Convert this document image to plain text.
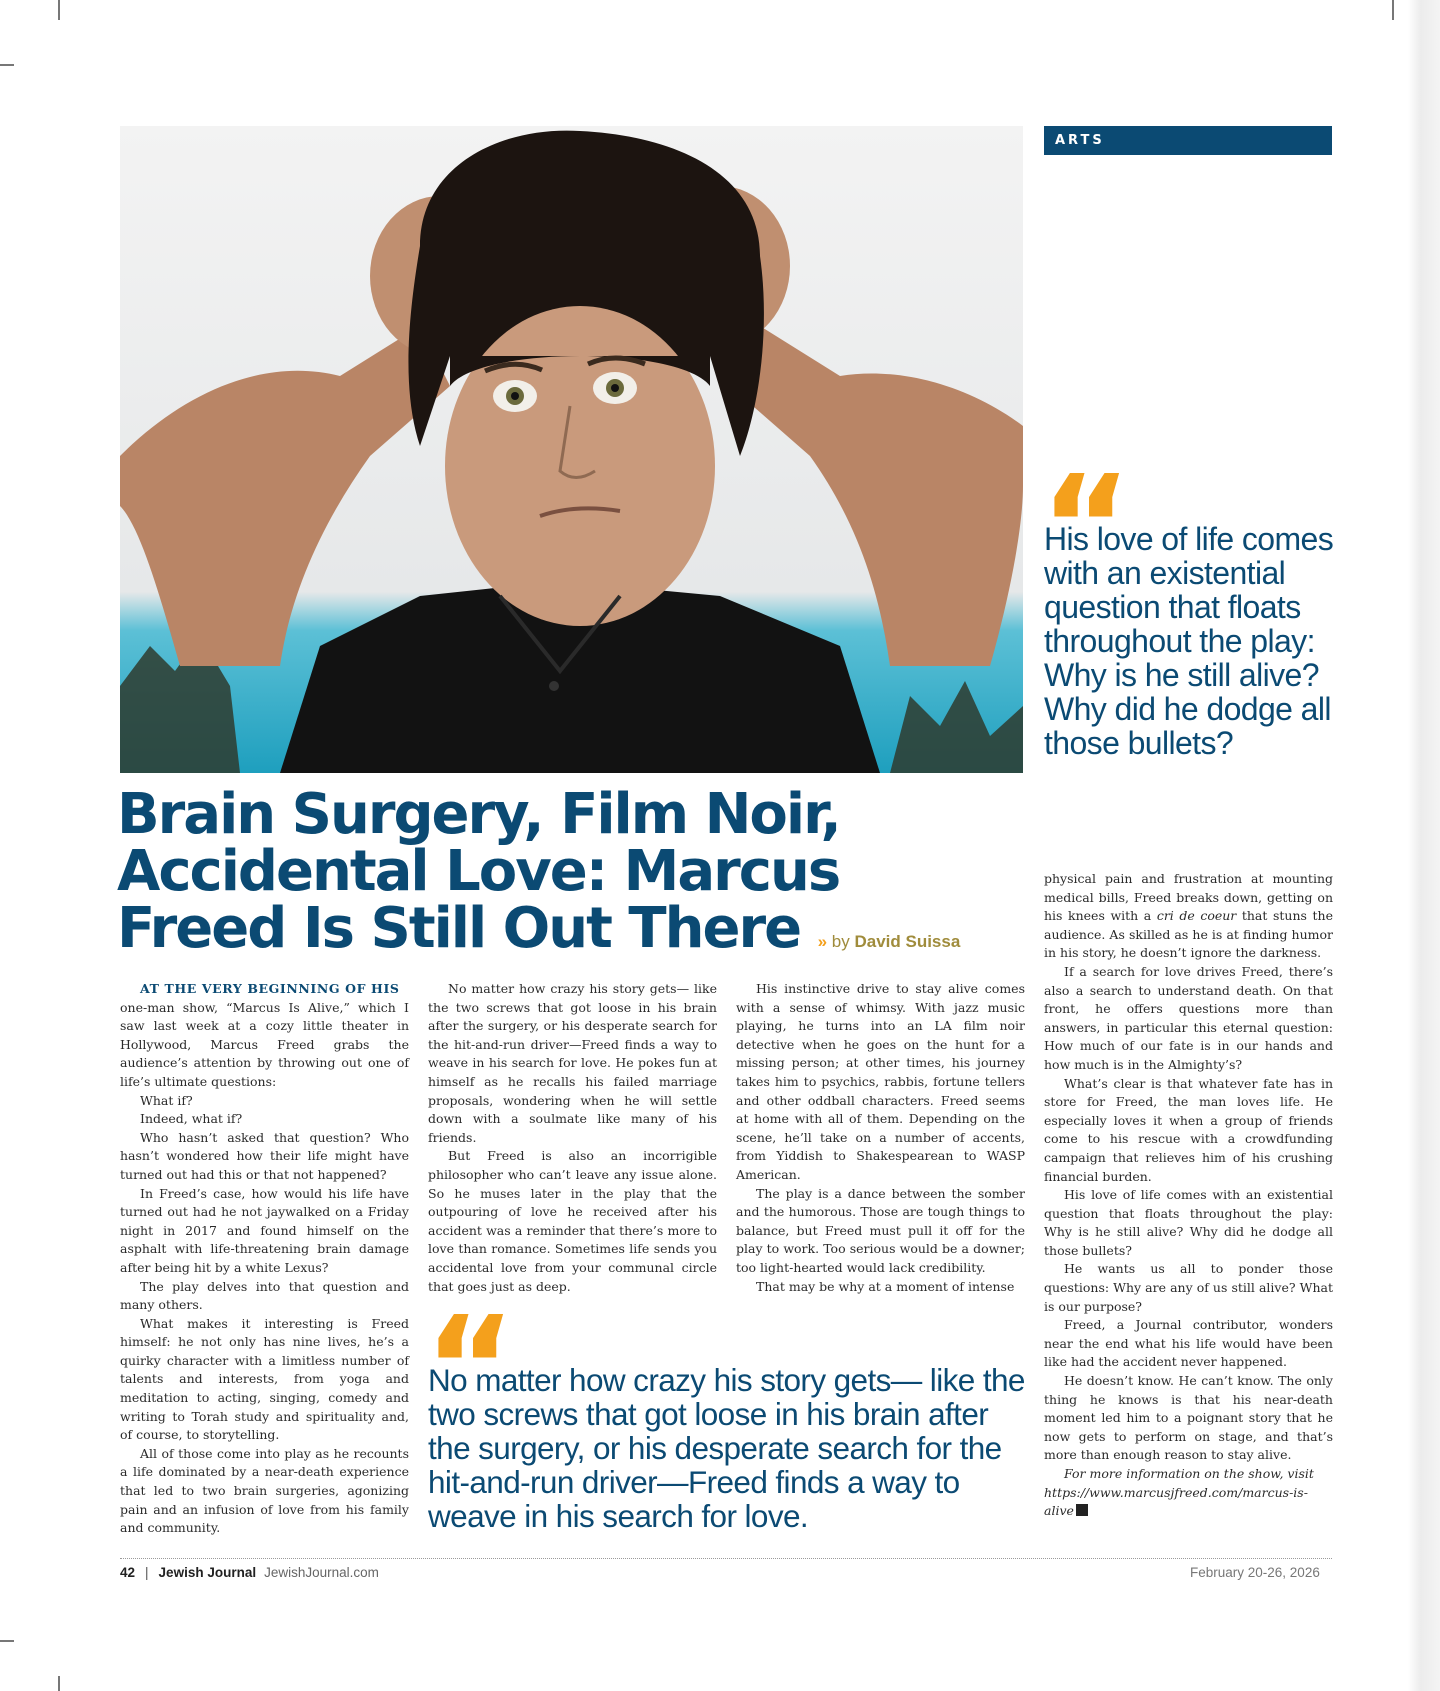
ARTS
His love of life comes with an existential question that floats throughout the play: Why is he still alive? Why did he dodge all those bullets?
Brain Surgery, Film Noir, Accidental Love: Marcus Freed Is Still Out There » by David Suissa

AT THE VERY BEGINNING OF HIS

one-man show, “Marcus Is Alive,” which I saw last week at a cozy little theater in Hollywood, Marcus Freed grabs the audience’s attention by throwing out one of life’s ultimate questions:

What if?

Indeed, what if?

Who hasn’t asked that question? Who hasn’t wondered how their life might have turned out had this or that not happened?

In Freed’s case, how would his life have turned out had he not jaywalked on a Friday night in 2017 and found himself on the asphalt with life-threatening brain damage after being hit by a white Lexus?

The play delves into that question and many others.

What makes it interesting is Freed himself: he not only has nine lives, he’s a quirky character with a limitless number of talents and interests, from yoga and meditation to acting, singing, comedy and writing to Torah study and spirituality and, of course, to storytelling.

All of those come into play as he recounts a life dominated by a near-death experience that led to two brain surgeries, agonizing pain and an infusion of love from his family and community.

No matter how crazy his story gets— like the two screws that got loose in his brain after the surgery, or his desperate search for the hit-and-run driver—Freed finds a way to weave in his search for love. He pokes fun at himself as he recalls his failed marriage proposals, wondering when he will settle down with a soulmate like many of his friends.

But Freed is also an incorrigible philosopher who can’t leave any issue alone. So he muses later in the play that the outpouring of love he received after his accident was a reminder that there’s more to love than romance. Sometimes life sends you accidental love from your communal circle that goes just as deep.

His instinctive drive to stay alive comes with a sense of whimsy. With jazz music playing, he turns into an LA film noir detective when he goes on the hunt for a missing person; at other times, his journey takes him to psychics, rabbis, fortune tellers and other oddball characters. Freed seems at home with all of them. Depending on the scene, he’ll take on a number of accents, from Yiddish to Shakespearean to WASP American.

The play is a dance between the somber and the humorous. Those are tough things to balance, but Freed must pull it off for the play to work. Too serious would be a downer; too light-hearted would lack credibility.

That may be why at a moment of intense

No matter how crazy his story gets— like the two screws that got loose in his brain after the surgery, or his desperate search for the hit-and-run driver—Freed finds a way to weave in his search for love.

physical pain and frustration at mounting medical bills, Freed breaks down, getting on his knees with a cri de coeur that stuns the audience. As skilled as he is at finding humor in his story, he doesn’t ignore the darkness.

If a search for love drives Freed, there’s also a search to understand death. On that front, he offers questions more than answers, in particular this eternal question: How much of our fate is in our hands and how much is in the Almighty’s?

What’s clear is that whatever fate has in store for Freed, the man loves life. He especially loves it when a group of friends come to his rescue with a crowdfunding campaign that relieves him of his crushing financial burden.

His love of life comes with an existential question that floats throughout the play: Why is he still alive? Why did he dodge all those bullets?

He wants us all to ponder those questions: Why are any of us still alive? What is our purpose?

Freed, a Journal contributor, wonders near the end what his life would have been like had the accident never happened.

He doesn’t know. He can’t know. The only thing he knows is that his near-death moment led him to a poignant story that he now gets to perform on stage, and that’s more than enough reason to stay alive.

For more information on the show, visit https://www.marcusjfreed.com/marcus-is-alive

42 | Jewish Journal JewishJournal.com	February 20-26, 2026
